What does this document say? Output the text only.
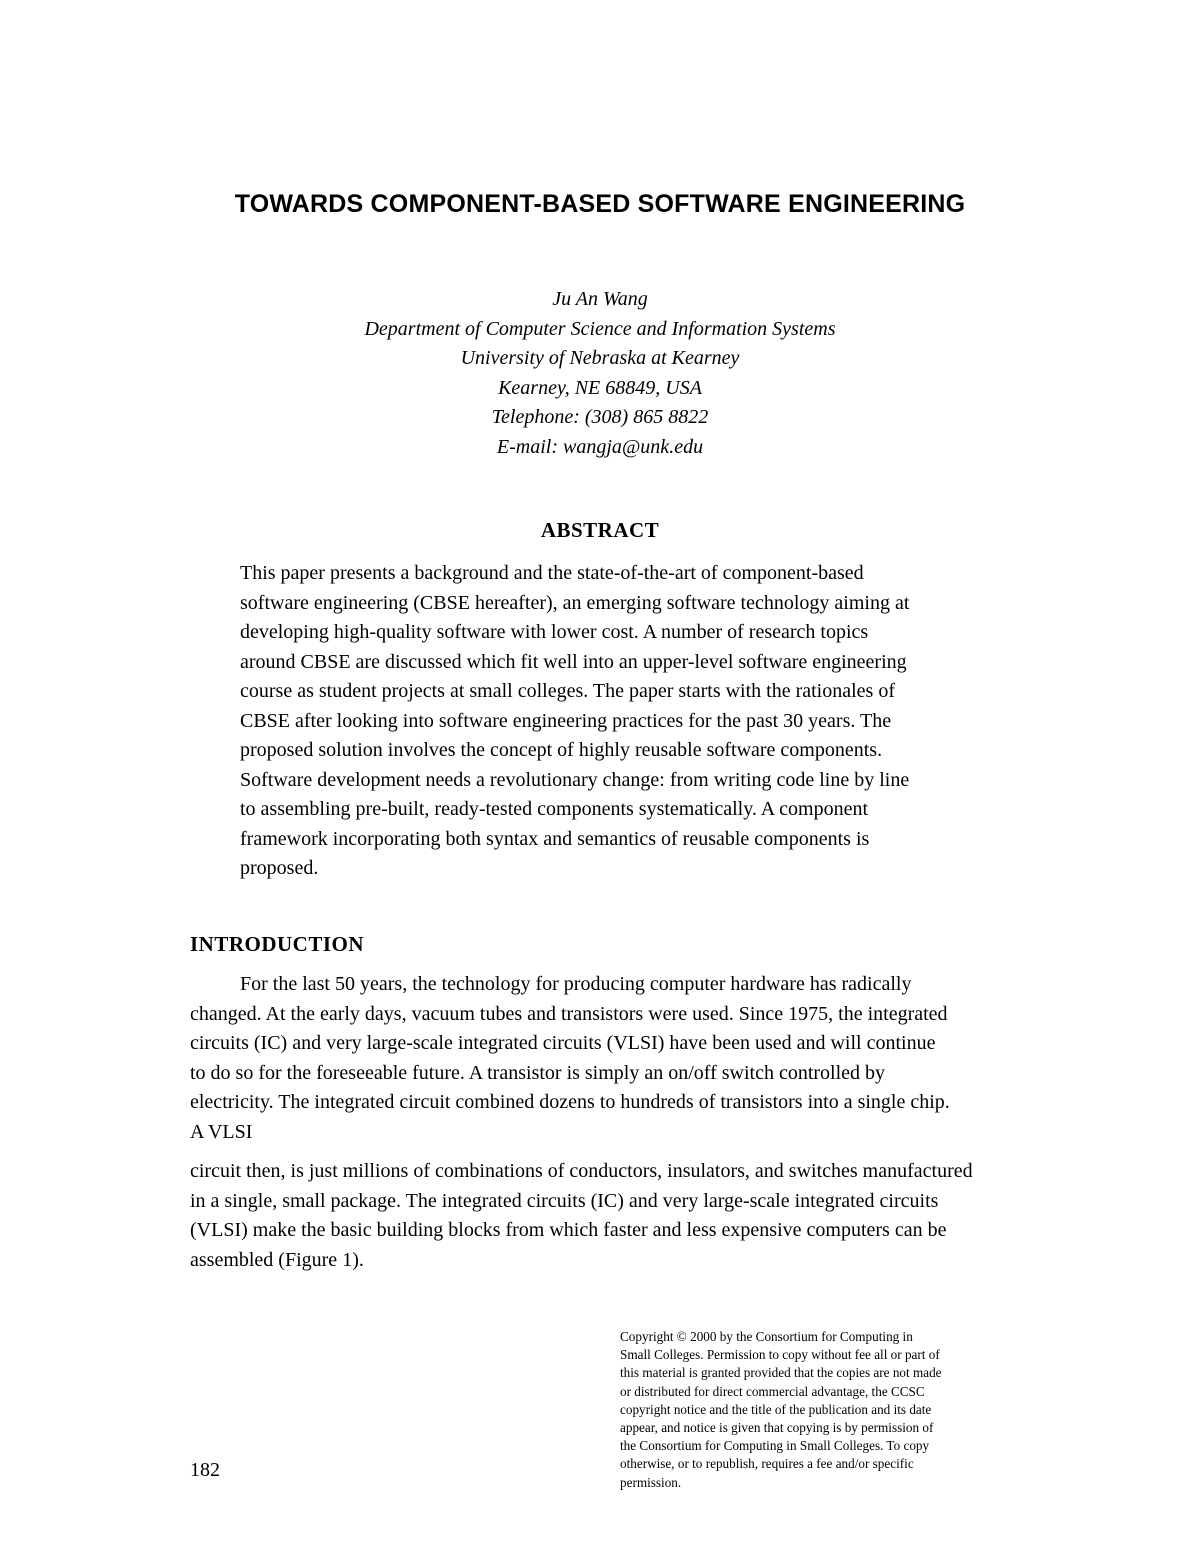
TOWARDS COMPONENT-BASED SOFTWARE ENGINEERING
Ju An Wang
Department of Computer Science and Information Systems
University of Nebraska at Kearney
Kearney, NE 68849, USA
Telephone: (308) 865 8822
E-mail: wangja@unk.edu
ABSTRACT
This paper presents a background and the state-of-the-art of component-based
software engineering (CBSE hereafter), an emerging software technology aiming at
developing high-quality software with lower cost. A number of research topics
around CBSE are discussed which fit well into an upper-level software engineering
course as student projects at small colleges. The paper starts with the rationales of
CBSE after looking into software engineering practices for the past 30 years. The
proposed solution involves the concept of highly reusable software components.
Software development needs a revolutionary change: from writing code line by line
to assembling pre-built, ready-tested components systematically. A component
framework incorporating both syntax and semantics of reusable components is
proposed.
INTRODUCTION
For the last 50 years, the technology for producing computer hardware has radically
changed. At the early days, vacuum tubes and transistors were used. Since 1975, the integrated
circuits (IC) and very large-scale integrated circuits (VLSI) have been used and will continue
to do so for the foreseeable future. A transistor is simply an on/off switch controlled by
electricity. The integrated circuit combined dozens to hundreds of transistors into a single chip.
A VLSI
circuit then, is just millions of combinations of conductors, insulators, and switches manufactured
in a single, small package. The integrated circuits (IC) and very large-scale integrated circuits
(VLSI) make the basic building blocks from which faster and less expensive computers can be
assembled (Figure 1).
Copyright © 2000 by the Consortium for Computing in
Small Colleges. Permission to copy without fee all or part of
this material is granted provided that the copies are not made
or distributed for direct commercial advantage, the CCSC
copyright notice and the title of the publication and its date
appear, and notice is given that copying is by permission of
the Consortium for Computing in Small Colleges. To copy
otherwise, or to republish, requires a fee and/or specific
permission.
182
